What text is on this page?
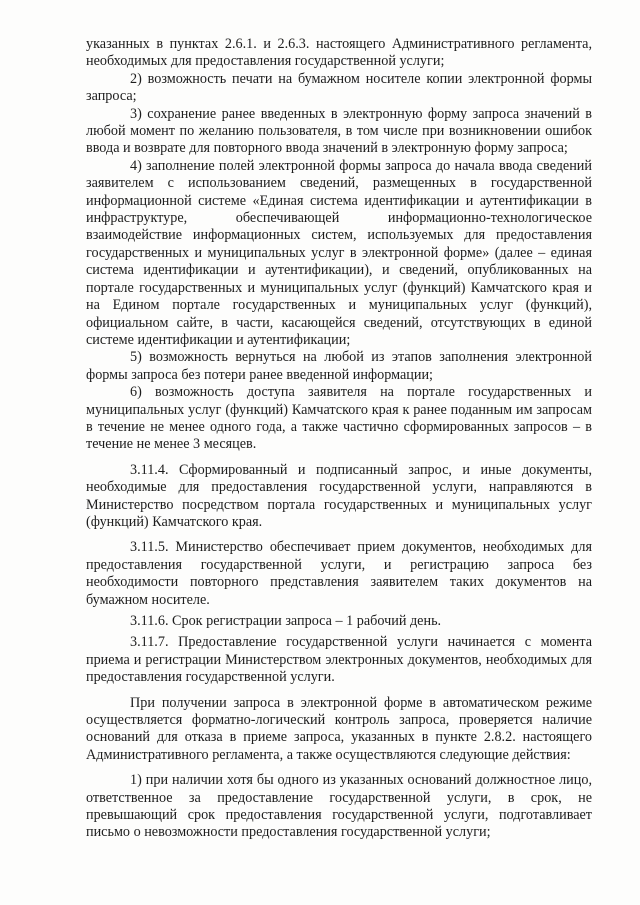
указанных в пунктах 2.6.1. и 2.6.3. настоящего Административного регламента, необходимых для предоставления государственной услуги;

2) возможность печати на бумажном носителе копии электронной формы запроса;

3) сохранение ранее введенных в электронную форму запроса значений в любой момент по желанию пользователя, в том числе при возникновении ошибок ввода и возврате для повторного ввода значений в электронную форму запроса;

4) заполнение полей электронной формы запроса до начала ввода сведений заявителем с использованием сведений, размещенных в государственной информационной системе «Единая система идентификации и аутентификации в инфраструктуре, обеспечивающей информационно-технологическое взаимодействие информационных систем, используемых для предоставления государственных и муниципальных услуг в электронной форме» (далее – единая система идентификации и аутентификации), и сведений, опубликованных на портале государственных и муниципальных услуг (функций) Камчатского края и на Едином портале государственных и муниципальных услуг (функций), официальном сайте, в части, касающейся сведений, отсутствующих в единой системе идентификации и аутентификации;

5) возможность вернуться на любой из этапов заполнения электронной формы запроса без потери ранее введенной информации;

6) возможность доступа заявителя на портале государственных и муниципальных услуг (функций) Камчатского края к ранее поданным им запросам в течение не менее одного года, а также частично сформированных запросов – в течение не менее 3 месяцев.

3.11.4. Сформированный и подписанный запрос, и иные документы, необходимые для предоставления государственной услуги, направляются в Министерство посредством портала государственных и муниципальных услуг (функций) Камчатского края.

3.11.5. Министерство обеспечивает прием документов, необходимых для предоставления государственной услуги, и регистрацию запроса без необходимости повторного представления заявителем таких документов на бумажном носителе.

3.11.6. Срок регистрации запроса – 1 рабочий день.

3.11.7. Предоставление государственной услуги начинается с момента приема и регистрации Министерством электронных документов, необходимых для предоставления государственной услуги.

При получении запроса в электронной форме в автоматическом режиме осуществляется форматно-логический контроль запроса, проверяется наличие оснований для отказа в приеме запроса, указанных в пункте 2.8.2. настоящего Административного регламента, а также осуществляются следующие действия:

1) при наличии хотя бы одного из указанных оснований должностное лицо, ответственное за предоставление государственной услуги, в срок, не превышающий срок предоставления государственной услуги, подготавливает письмо о невозможности предоставления государственной услуги;
